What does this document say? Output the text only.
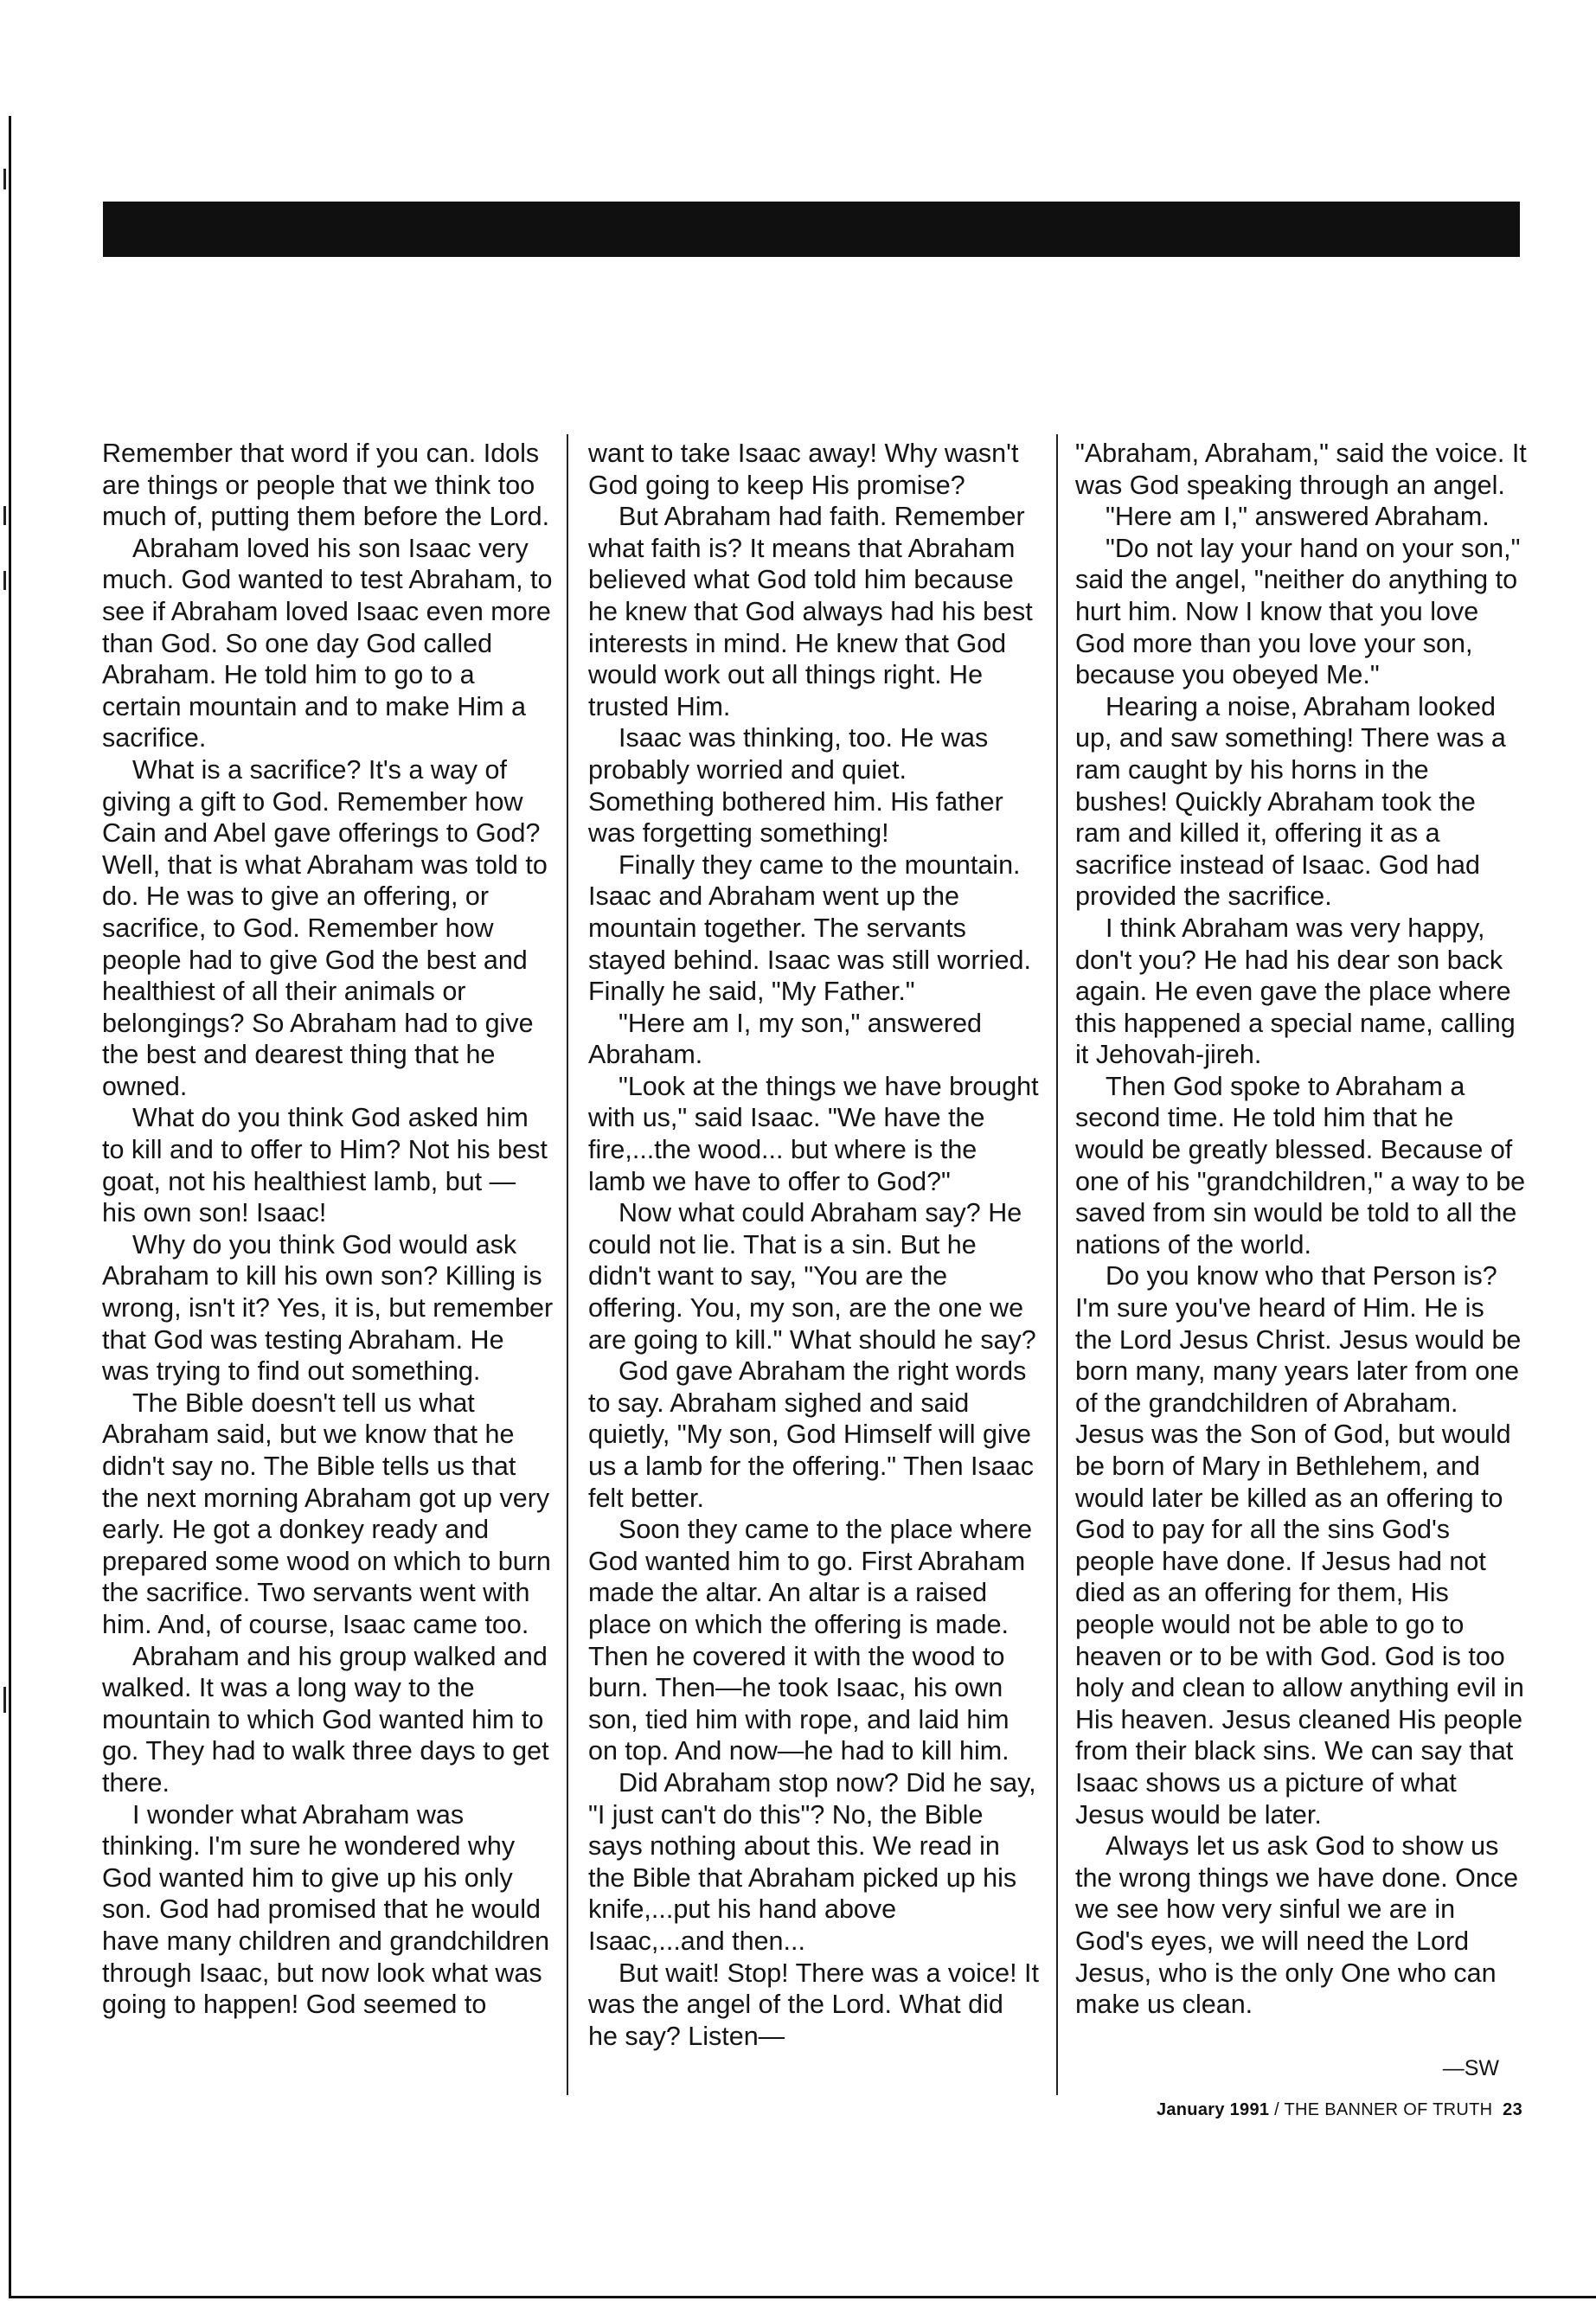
Remember that word if you can. Idols are things or people that we think too much of, putting them before the Lord.

Abraham loved his son Isaac very much. God wanted to test Abraham, to see if Abraham loved Isaac even more than God. So one day God called Abraham. He told him to go to a certain mountain and to make Him a sacrifice.

What is a sacrifice? It's a way of giving a gift to God. Remember how Cain and Abel gave offerings to God? Well, that is what Abraham was told to do. He was to give an offering, or sacrifice, to God. Remember how people had to give God the best and healthiest of all their animals or belongings? So Abraham had to give the best and dearest thing that he owned.

What do you think God asked him to kill and to offer to Him? Not his best goat, not his healthiest lamb, but — his own son! Isaac!

Why do you think God would ask Abraham to kill his own son? Killing is wrong, isn't it? Yes, it is, but remember that God was testing Abraham. He was trying to find out something.

The Bible doesn't tell us what Abraham said, but we know that he didn't say no. The Bible tells us that the next morning Abraham got up very early. He got a donkey ready and prepared some wood on which to burn the sacrifice. Two servants went with him. And, of course, Isaac came too.

Abraham and his group walked and walked. It was a long way to the mountain to which God wanted him to go. They had to walk three days to get there.

I wonder what Abraham was thinking. I'm sure he wondered why God wanted him to give up his only son. God had promised that he would have many children and grandchildren through Isaac, but now look what was going to happen! God seemed to

want to take Isaac away! Why wasn't God going to keep His promise?

But Abraham had faith. Remember what faith is? It means that Abraham believed what God told him because he knew that God always had his best interests in mind. He knew that God would work out all things right. He trusted Him.

Isaac was thinking, too. He was probably worried and quiet. Something bothered him. His father was forgetting something!

Finally they came to the mountain. Isaac and Abraham went up the mountain together. The servants stayed behind. Isaac was still worried. Finally he said, "My Father."

"Here am I, my son," answered Abraham.

"Look at the things we have brought with us," said Isaac. "We have the fire,...the wood... but where is the lamb we have to offer to God?"

Now what could Abraham say? He could not lie. That is a sin. But he didn't want to say, "You are the offering. You, my son, are the one we are going to kill." What should he say?

God gave Abraham the right words to say. Abraham sighed and said quietly, "My son, God Himself will give us a lamb for the offering." Then Isaac felt better.

Soon they came to the place where God wanted him to go. First Abraham made the altar. An altar is a raised place on which the offering is made. Then he covered it with the wood to burn. Then—he took Isaac, his own son, tied him with rope, and laid him on top. And now—he had to kill him.

Did Abraham stop now? Did he say, "I just can't do this"? No, the Bible says nothing about this. We read in the Bible that Abraham picked up his knife,...put his hand above Isaac,...and then...

But wait! Stop! There was a voice! It was the angel of the Lord. What did he say? Listen—

"Abraham, Abraham," said the voice. It was God speaking through an angel.

"Here am I," answered Abraham.

"Do not lay your hand on your son," said the angel, "neither do anything to hurt him. Now I know that you love God more than you love your son, because you obeyed Me."

Hearing a noise, Abraham looked up, and saw something! There was a ram caught by his horns in the bushes! Quickly Abraham took the ram and killed it, offering it as a sacrifice instead of Isaac. God had provided the sacrifice.

I think Abraham was very happy, don't you? He had his dear son back again. He even gave the place where this happened a special name, calling it Jehovah-jireh.

Then God spoke to Abraham a second time. He told him that he would be greatly blessed. Because of one of his "grandchildren," a way to be saved from sin would be told to all the nations of the world.

Do you know who that Person is? I'm sure you've heard of Him. He is the Lord Jesus Christ. Jesus would be born many, many years later from one of the grandchildren of Abraham. Jesus was the Son of God, but would be born of Mary in Bethlehem, and would later be killed as an offering to God to pay for all the sins God's people have done. If Jesus had not died as an offering for them, His people would not be able to go to heaven or to be with God. God is too holy and clean to allow anything evil in His heaven. Jesus cleaned His people from their black sins. We can say that Isaac shows us a picture of what Jesus would be later.

Always let us ask God to show us the wrong things we have done. Once we see how very sinful we are in God's eyes, we will need the Lord Jesus, who is the only One who can make us clean.

—SW
January 1991 / THE BANNER OF TRUTH 23
